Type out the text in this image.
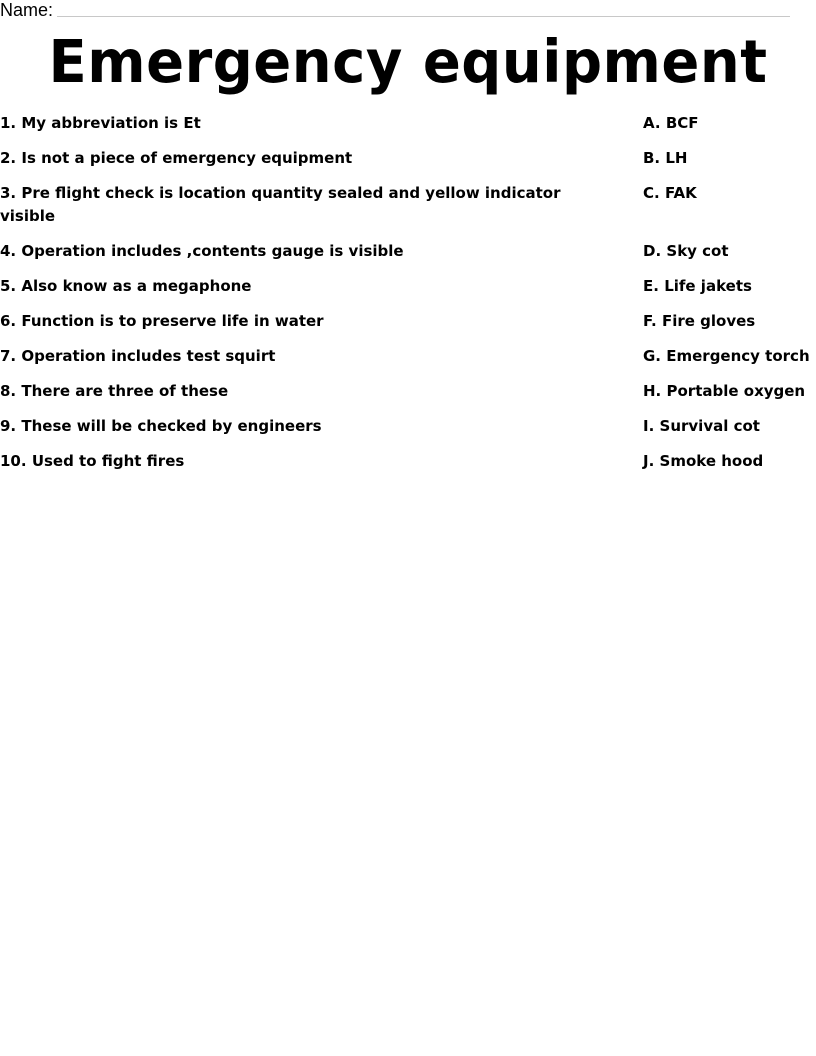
Name:
Emergency equipment
1. My abbreviation is Et
2. Is not a piece of emergency equipment
3. Pre flight check is location quantity sealed and yellow indicator visible
4. Operation includes ,contents gauge is visible
5. Also know as a megaphone
6. Function is to preserve life in water
7. Operation includes test squirt
8. There are three of these
9. These will be checked by engineers
10. Used to fight fires
A. BCF
B. LH
C. FAK
D. Sky cot
E. Life jakets
F. Fire gloves
G. Emergency torch
H. Portable oxygen
I. Survival cot
J. Smoke hood
